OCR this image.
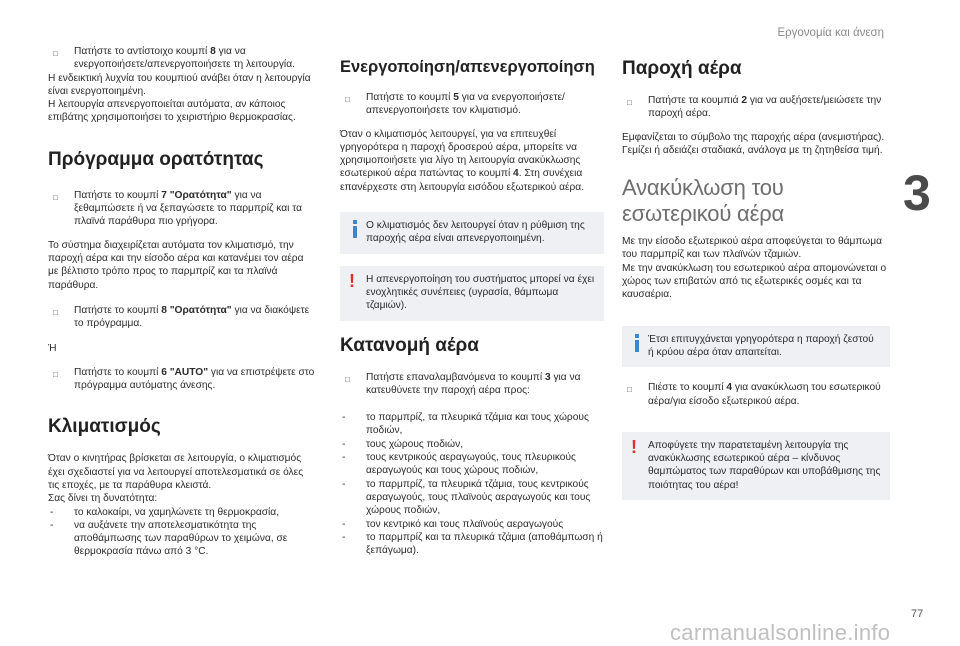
Εργονομία και άνεση
3
□ Πατήστε το αντίστοιχο κουμπί 8 για να ενεργοποιήσετε/απενεργοποιήσετε τη λειτουργία.

Η ενδεικτική λυχνία του κουμπιού ανάβει όταν η λειτουργία είναι ενεργοποιημένη.

Η λειτουργία απενεργοποιείται αυτόματα, αν κάποιος επιβάτης χρησιμοποιήσει το χειριστήριο θερμοκρασίας.

Πρόγραμμα ορατότητας
□ Πατήστε το κουμπί 7 "Ορατότητα" για να ξεθαμπώσετε ή να ξεπαγώσετε το παρμπρίζ και τα πλαϊνά παράθυρα πιο γρήγορα.

Το σύστημα διαχειρίζεται αυτόματα τον κλιματισμό, την παροχή αέρα και την είσοδο αέρα και κατανέμει τον αέρα με βέλτιστο τρόπο προς το παρμπρίζ και τα πλαϊνά παράθυρα.

□ Πατήστε το κουμπί 8 "Ορατότητα" για να διακόψετε το πρόγραμμα.

Ή

□ Πατήστε το κουμπί 6 "AUTO" για να επιστρέψετε στο πρόγραμμα αυτόματης άνεσης.
Κλιματισμός

Όταν ο κινητήρας βρίσκεται σε λειτουργία, ο κλιματισμός έχει σχεδιαστεί για να λειτουργεί αποτελεσματικά σε όλες τις εποχές, με τα παράθυρα κλειστά.

Σας δίνει τη δυνατότητα:

- το καλοκαίρι, να χαμηλώνετε τη θερμοκρασία,
- να αυξάνετε την αποτελεσματικότητα της αποθάμπωσης των παραθύρων το χειμώνα, σε θερμοκρασία πάνω από 3 °C.
Ενεργοποίηση/απενεργοποίηση
□ Πατήστε το κουμπί 5 για να ενεργοποιήσετε/απενεργοποιήσετε τον κλιματισμό.

Όταν ο κλιματισμός λειτουργεί, για να επιτευχθεί γρηγορότερα η παροχή δροσερού αέρα, μπορείτε να χρησιμοποιήσετε για λίγο τη λειτουργία ανακύκλωσης εσωτερικού αέρα πατώντας το κουμπί 4. Στη συνέχεια επανέρχεστε στη λειτουργία εισόδου εξωτερικού αέρα.

Ο κλιματισμός δεν λειτουργεί όταν η ρύθμιση της παροχής αέρα είναι απενεργοποιημένη.

! Η απενεργοποίηση του συστήματος μπορεί να έχει ενοχλητικές συνέπειες (υγρασία, θάμπωμα τζαμιών).

Κατανομή αέρα
□ Πατήστε επαναλαμβανόμενα το κουμπί 3 για να κατευθύνετε την παροχή αέρα προς:
- το παρμπρίζ, τα πλευρικά τζάμια και τους χώρους ποδιών,
- τους χώρους ποδιών,
- τους κεντρικούς αεραγωγούς, τους πλευρικούς αεραγωγούς και τους χώρους ποδιών,
- το παρμπρίζ, τα πλευρικά τζάμια, τους κεντρικούς αεραγωγούς, τους πλαϊνούς αεραγωγούς και τους χώρους ποδιών,
- τον κεντρικό και τους πλαϊνούς αεραγωγούς
- το παρμπρίζ και τα πλευρικά τζάμια (αποθάμπωση ή ξεπάγωμα).
Παροχή αέρα
□ Πατήστε τα κουμπιά 2 για να αυξήσετε/μειώσετε την παροχή αέρα.

Εμφανίζεται το σύμβολο της παροχής αέρα (ανεμιστήρας). Γεμίζει ή αδειάζει σταδιακά, ανάλογα με τη ζητηθείσα τιμή.

Ανακύκλωση του εσωτερικού αέρα

Με την είσοδο εξωτερικού αέρα αποφεύγεται το θάμπωμα του παρμπρίζ και των πλαϊνών τζαμιών.

Με την ανακύκλωση του εσωτερικού αέρα απομονώνεται ο χώρος των επιβατών από τις εξωτερικές οσμές και τα καυσαέρια.

Έτσι επιτυγχάνεται γρηγορότερα η παροχή ζεστού ή κρύου αέρα όταν απαιτείται.

□ Πιέστε το κουμπί 4 για ανακύκλωση του εσωτερικού αέρα/για είσοδο εξωτερικού αέρα.
! Αποφύγετε την παρατεταμένη λειτουργία της ανακύκλωσης εσωτερικού αέρα – κίνδυνος θαμπώματος των παραθύρων και υποβάθμισης της ποιότητας του αέρα!

77
carmanualsonline.info
